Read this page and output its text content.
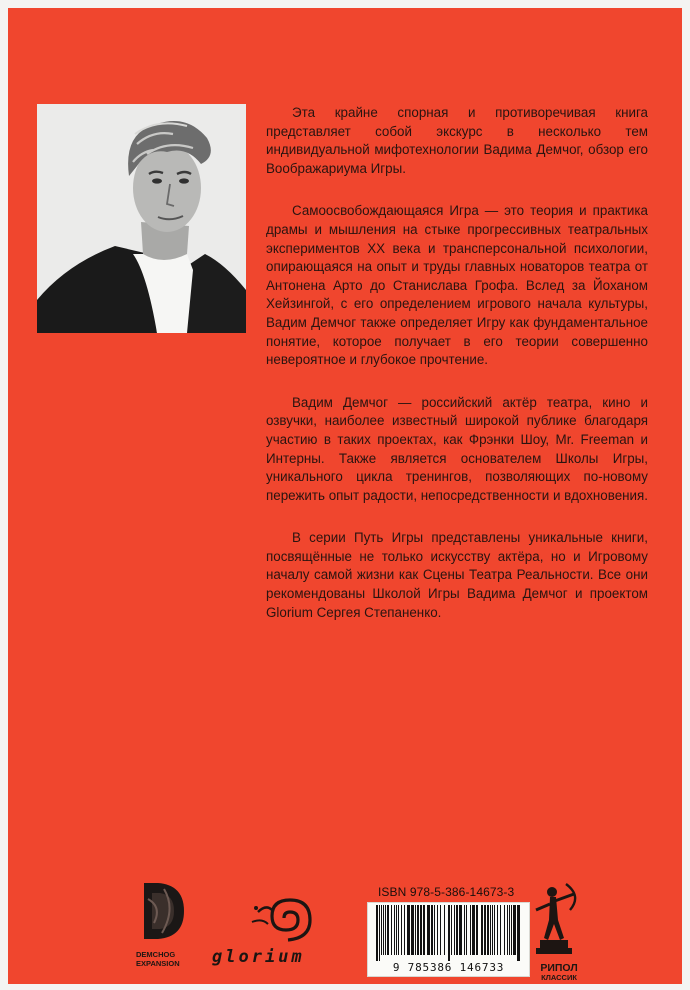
Эта крайне спорная и противоречивая книга представляет собой экскурс в несколько тем индивидуальной мифотехнологии Вадима Демчог, обзор его Воображариума Игры.

Самоосвобождающаяся Игра — это теория и практика драмы и мышления на стыке прогрессивных театральных экспериментов XX века и трансперсональной психологии, опирающаяся на опыт и труды главных новаторов театра от Антонена Арто до Станислава Грофа. Вслед за Йоханом Хейзингой, с его определением игрового начала культуры, Вадим Демчог также определяет Игру как фундаментальное понятие, которое получает в его теории совершенно невероятное и глубокое прочтение.

Вадим Демчог — российский актёр театра, кино и озвучки, наиболее известный широкой публике благодаря участию в таких проектах, как Фрэнки Шоу, Mr. Freeman и Интерны. Также является основателем Школы Игры, уникального цикла тренингов, позволяющих по-новому пережить опыт радости, непосредственности и вдохновения.

В серии Путь Игры представлены уникальные книги, посвящённые не только искусству актёра, но и Игровому началу самой жизни как Сцены Театра Реальности. Все они рекомендованы Школой Игры Вадима Демчог и проектом Glorium Сергея Степаненко.

DEMCHOG
EXPANSION	glorium
ISBN 978-5-386-14673-3
9 785386 146733	РИПОЛ
КЛАССИК
